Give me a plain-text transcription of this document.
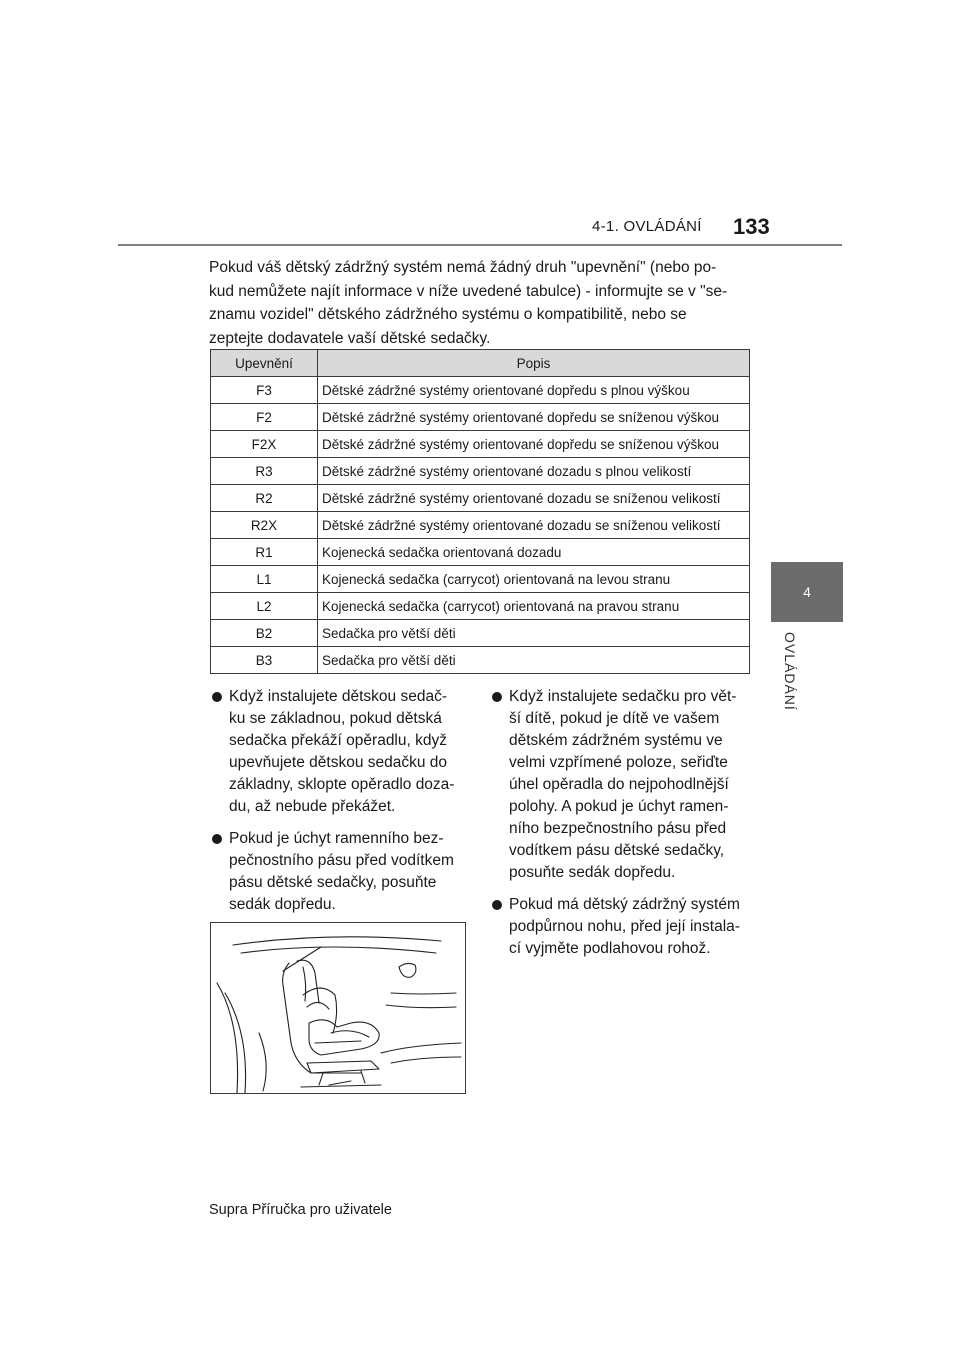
4-1. OVLÁDÁNÍ 133
4
OVLÁDÁNÍ

Pokud váš dětský zádržný systém nemá žádný druh "upevnění" (nebo po-

kud nemůžete najít informace v níže uvedené tabulce) - informujte se v "se-

znamu vozidel" dětského zádržného systému o kompatibilitě, nebo se

zeptejte dodavatele vaší dětské sedačky.

Upevnění	Popis
F3	Dětské zádržné systémy orientované dopředu s plnou výškou
F2	Dětské zádržné systémy orientované dopředu se sníženou výškou
F2X	Dětské zádržné systémy orientované dopředu se sníženou výškou
R3	Dětské zádržné systémy orientované dozadu s plnou velikostí
R2	Dětské zádržné systémy orientované dozadu se sníženou velikostí
R2X	Dětské zádržné systémy orientované dozadu se sníženou velikostí
R1	Kojenecká sedačka orientovaná dozadu
L1	Kojenecká sedačka (carrycot) orientovaná na levou stranu
L2	Kojenecká sedačka (carrycot) orientovaná na pravou stranu
B2	Sedačka pro větší děti
B3	Sedačka pro větší děti
Když instalujete dětskou sedač-
ku se základnou, pokud dětská
sedačka překáží opěradlu, když
upevňujete dětskou sedačku do
základny, sklopte opěradlo doza-
du, až nebude překážet.
Pokud je úchyt ramenního bez-
pečnostního pásu před vodítkem
pásu dětské sedačky, posuňte
sedák dopředu.
Když instalujete sedačku pro vět-
ší dítě, pokud je dítě ve vašem
dětském zádržném systému ve
velmi vzpřímené poloze, seřiďte
úhel opěradla do nejpohodlnější
polohy. A pokud je úchyt ramen-
ního bezpečnostního pásu před
vodítkem pásu dětské sedačky,
posuňte sedák dopředu.
Pokud má dětský zádržný systém
podpůrnou nohu, před její instala-
cí vyjměte podlahovou rohož.
Supra Příručka pro uživatele
